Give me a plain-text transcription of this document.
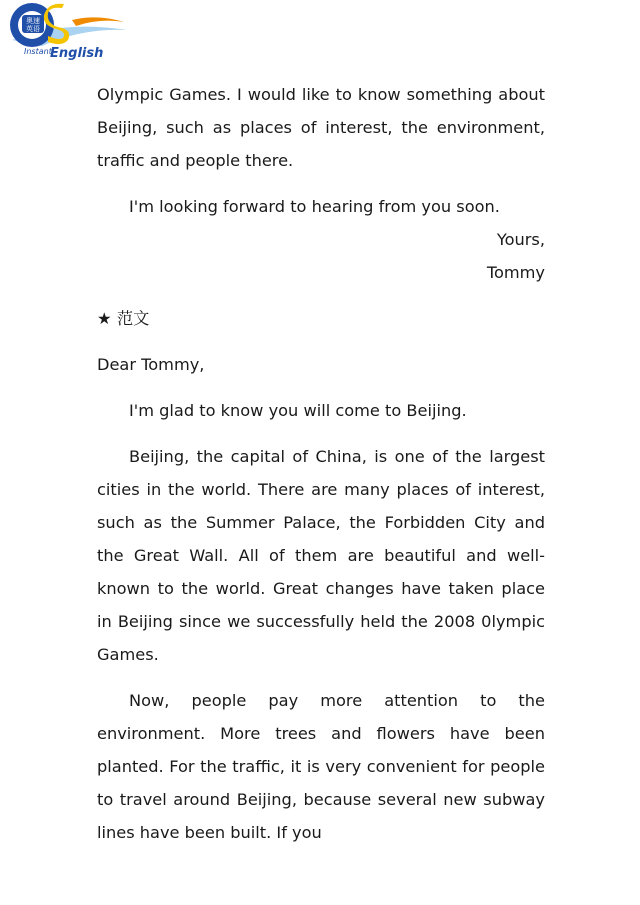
奥速
英语
Instant
English

Olympic Games. I would like to know something about Beijing, such as places of interest, the environment, traffic and people there.

I'm looking forward to hearing from you soon.

Yours,

Tommy

★ 范文

Dear Tommy,

I'm glad to know you will come to Beijing.

Beijing, the capital of China, is one of the largest cities in the world. There are many places of interest, such as the Summer Palace, the Forbidden City and the Great Wall. All of them are beautiful and well-known to the world. Great changes have taken place in Beijing since we successfully held the 2008 0lympic Games.

Now, people pay more attention to the environment. More trees and flowers have been planted. For the traffic, it is very convenient for people to travel around Beijing, because several new subway lines have been built. If you
